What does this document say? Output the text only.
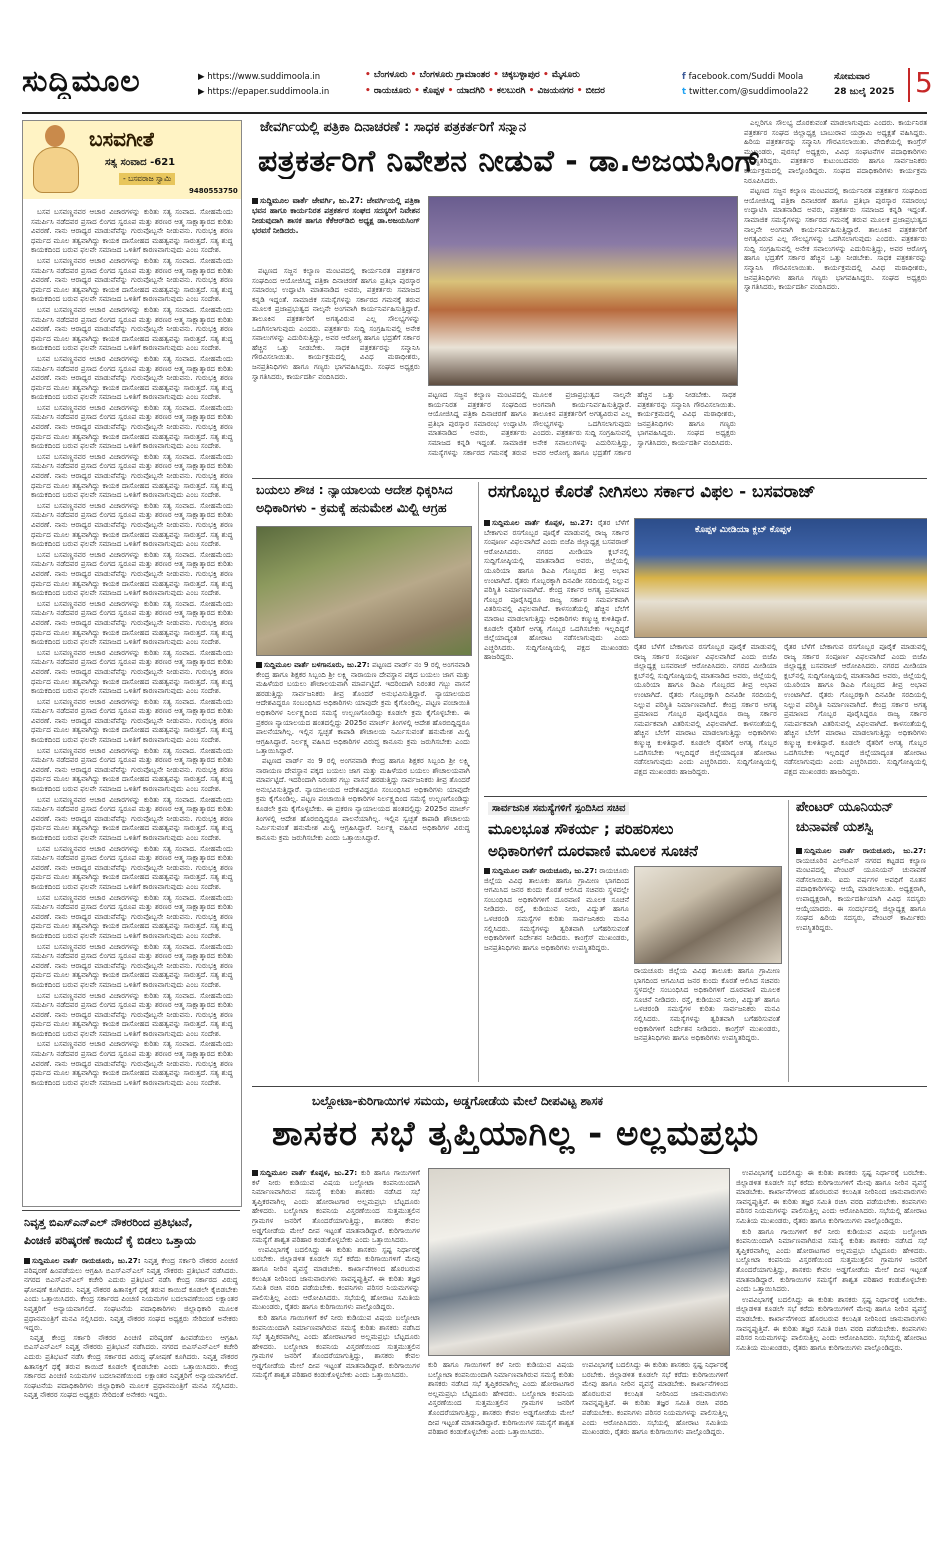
ಸುದ್ದಿಮೂಲ	▶ https://www.suddimoola.in
▶ https://epaper.suddimoola.in
• ಬೆಂಗಳೂರು • ಬೆಂಗಳೂರು ಗ್ರಾಮಾಂತರ • ಚಿಕ್ಕಬಳ್ಳಾಪುರ • ಮೈಸೂರು
• ರಾಯಚೂರು • ಕೊಪ್ಪಳ • ಯಾದಗಿರಿ • ಕಲಬುರಗಿ • ವಿಜಯನಗರ • ಬೀದರ
f facebook.com/Suddi Moola
t twitter.com/@suddimoola22
ಸೋಮವಾರ
28 ಜುಲೈ 2025 5
ಬಸವಗೀತೆ
ಸತ್ಯ ಸಂವಾದ -621
- ಬಸವರಾಜ ಸ್ವಾಮಿ
9480553750

ಬಸವ ಬಸವಣ್ಣನವರ ಆಚಾರ ವಿಚಾರಗಳನ್ನು ಕುರಿತು ಸತ್ಯ ಸಂವಾದ. ಸೋಹಮೆಂದು ಸಮರ್ಪಿಸಿ ನಡೆದವರ ಪ್ರಸಾದ ಲಿಂಗದ ಸ್ವರೂಪ ಮತ್ತು ಶರಣರ ಆತ್ಮ ಸಾಕ್ಷಾತ್ಕಾರದ ಕುರಿತು ವಿವರಣೆ. ನಾನು ಆರಾಧ್ಯರ ಮಾಡುವೆವೆನ್ನು ಗುರುವೊಬ್ಬನೇ ನೀಡುವನು. ಗುರುಭಕ್ತಿ ಶರಣ ಧರ್ಮದ ಮೂಲ ತತ್ವವಾಗಿದ್ದು ಕಾಯಕ ದಾಸೋಹದ ಮಹತ್ವವನ್ನು ಸಾರುತ್ತದೆ. ಸತ್ಯ ಶುದ್ಧ ಕಾಯಕದಿಂದ ಬರುವ ಫಲವೇ ಸಮಾಜದ ಒಳಿತಿಗೆ ಕಾರಣವಾಗುವುದು ಎಂಬ ಸಂದೇಶ.

ಬಸವ ಬಸವಣ್ಣನವರ ಆಚಾರ ವಿಚಾರಗಳನ್ನು ಕುರಿತು ಸತ್ಯ ಸಂವಾದ. ಸೋಹಮೆಂದು ಸಮರ್ಪಿಸಿ ನಡೆದವರ ಪ್ರಸಾದ ಲಿಂಗದ ಸ್ವರೂಪ ಮತ್ತು ಶರಣರ ಆತ್ಮ ಸಾಕ್ಷಾತ್ಕಾರದ ಕುರಿತು ವಿವರಣೆ. ನಾನು ಆರಾಧ್ಯರ ಮಾಡುವೆವೆನ್ನು ಗುರುವೊಬ್ಬನೇ ನೀಡುವನು. ಗುರುಭಕ್ತಿ ಶರಣ ಧರ್ಮದ ಮೂಲ ತತ್ವವಾಗಿದ್ದು ಕಾಯಕ ದಾಸೋಹದ ಮಹತ್ವವನ್ನು ಸಾರುತ್ತದೆ. ಸತ್ಯ ಶುದ್ಧ ಕಾಯಕದಿಂದ ಬರುವ ಫಲವೇ ಸಮಾಜದ ಒಳಿತಿಗೆ ಕಾರಣವಾಗುವುದು ಎಂಬ ಸಂದೇಶ.

ಬಸವ ಬಸವಣ್ಣನವರ ಆಚಾರ ವಿಚಾರಗಳನ್ನು ಕುರಿತು ಸತ್ಯ ಸಂವಾದ. ಸೋಹಮೆಂದು ಸಮರ್ಪಿಸಿ ನಡೆದವರ ಪ್ರಸಾದ ಲಿಂಗದ ಸ್ವರೂಪ ಮತ್ತು ಶರಣರ ಆತ್ಮ ಸಾಕ್ಷಾತ್ಕಾರದ ಕುರಿತು ವಿವರಣೆ. ನಾನು ಆರಾಧ್ಯರ ಮಾಡುವೆವೆನ್ನು ಗುರುವೊಬ್ಬನೇ ನೀಡುವನು. ಗುರುಭಕ್ತಿ ಶರಣ ಧರ್ಮದ ಮೂಲ ತತ್ವವಾಗಿದ್ದು ಕಾಯಕ ದಾಸೋಹದ ಮಹತ್ವವನ್ನು ಸಾರುತ್ತದೆ. ಸತ್ಯ ಶುದ್ಧ ಕಾಯಕದಿಂದ ಬರುವ ಫಲವೇ ಸಮಾಜದ ಒಳಿತಿಗೆ ಕಾರಣವಾಗುವುದು ಎಂಬ ಸಂದೇಶ.

ಬಸವ ಬಸವಣ್ಣನವರ ಆಚಾರ ವಿಚಾರಗಳನ್ನು ಕುರಿತು ಸತ್ಯ ಸಂವಾದ. ಸೋಹಮೆಂದು ಸಮರ್ಪಿಸಿ ನಡೆದವರ ಪ್ರಸಾದ ಲಿಂಗದ ಸ್ವರೂಪ ಮತ್ತು ಶರಣರ ಆತ್ಮ ಸಾಕ್ಷಾತ್ಕಾರದ ಕುರಿತು ವಿವರಣೆ. ನಾನು ಆರಾಧ್ಯರ ಮಾಡುವೆವೆನ್ನು ಗುರುವೊಬ್ಬನೇ ನೀಡುವನು. ಗುರುಭಕ್ತಿ ಶರಣ ಧರ್ಮದ ಮೂಲ ತತ್ವವಾಗಿದ್ದು ಕಾಯಕ ದಾಸೋಹದ ಮಹತ್ವವನ್ನು ಸಾರುತ್ತದೆ. ಸತ್ಯ ಶುದ್ಧ ಕಾಯಕದಿಂದ ಬರುವ ಫಲವೇ ಸಮಾಜದ ಒಳಿತಿಗೆ ಕಾರಣವಾಗುವುದು ಎಂಬ ಸಂದೇಶ.

ಬಸವ ಬಸವಣ್ಣನವರ ಆಚಾರ ವಿಚಾರಗಳನ್ನು ಕುರಿತು ಸತ್ಯ ಸಂವಾದ. ಸೋಹಮೆಂದು ಸಮರ್ಪಿಸಿ ನಡೆದವರ ಪ್ರಸಾದ ಲಿಂಗದ ಸ್ವರೂಪ ಮತ್ತು ಶರಣರ ಆತ್ಮ ಸಾಕ್ಷಾತ್ಕಾರದ ಕುರಿತು ವಿವರಣೆ. ನಾನು ಆರಾಧ್ಯರ ಮಾಡುವೆವೆನ್ನು ಗುರುವೊಬ್ಬನೇ ನೀಡುವನು. ಗುರುಭಕ್ತಿ ಶರಣ ಧರ್ಮದ ಮೂಲ ತತ್ವವಾಗಿದ್ದು ಕಾಯಕ ದಾಸೋಹದ ಮಹತ್ವವನ್ನು ಸಾರುತ್ತದೆ. ಸತ್ಯ ಶುದ್ಧ ಕಾಯಕದಿಂದ ಬರುವ ಫಲವೇ ಸಮಾಜದ ಒಳಿತಿಗೆ ಕಾರಣವಾಗುವುದು ಎಂಬ ಸಂದೇಶ.

ಬಸವ ಬಸವಣ್ಣನವರ ಆಚಾರ ವಿಚಾರಗಳನ್ನು ಕುರಿತು ಸತ್ಯ ಸಂವಾದ. ಸೋಹಮೆಂದು ಸಮರ್ಪಿಸಿ ನಡೆದವರ ಪ್ರಸಾದ ಲಿಂಗದ ಸ್ವರೂಪ ಮತ್ತು ಶರಣರ ಆತ್ಮ ಸಾಕ್ಷಾತ್ಕಾರದ ಕುರಿತು ವಿವರಣೆ. ನಾನು ಆರಾಧ್ಯರ ಮಾಡುವೆವೆನ್ನು ಗುರುವೊಬ್ಬನೇ ನೀಡುವನು. ಗುರುಭಕ್ತಿ ಶರಣ ಧರ್ಮದ ಮೂಲ ತತ್ವವಾಗಿದ್ದು ಕಾಯಕ ದಾಸೋಹದ ಮಹತ್ವವನ್ನು ಸಾರುತ್ತದೆ. ಸತ್ಯ ಶುದ್ಧ ಕಾಯಕದಿಂದ ಬರುವ ಫಲವೇ ಸಮಾಜದ ಒಳಿತಿಗೆ ಕಾರಣವಾಗುವುದು ಎಂಬ ಸಂದೇಶ.

ಬಸವ ಬಸವಣ್ಣನವರ ಆಚಾರ ವಿಚಾರಗಳನ್ನು ಕುರಿತು ಸತ್ಯ ಸಂವಾದ. ಸೋಹಮೆಂದು ಸಮರ್ಪಿಸಿ ನಡೆದವರ ಪ್ರಸಾದ ಲಿಂಗದ ಸ್ವರೂಪ ಮತ್ತು ಶರಣರ ಆತ್ಮ ಸಾಕ್ಷಾತ್ಕಾರದ ಕುರಿತು ವಿವರಣೆ. ನಾನು ಆರಾಧ್ಯರ ಮಾಡುವೆವೆನ್ನು ಗುರುವೊಬ್ಬನೇ ನೀಡುವನು. ಗುರುಭಕ್ತಿ ಶರಣ ಧರ್ಮದ ಮೂಲ ತತ್ವವಾಗಿದ್ದು ಕಾಯಕ ದಾಸೋಹದ ಮಹತ್ವವನ್ನು ಸಾರುತ್ತದೆ. ಸತ್ಯ ಶುದ್ಧ ಕಾಯಕದಿಂದ ಬರುವ ಫಲವೇ ಸಮಾಜದ ಒಳಿತಿಗೆ ಕಾರಣವಾಗುವುದು ಎಂಬ ಸಂದೇಶ.

ಬಸವ ಬಸವಣ್ಣನವರ ಆಚಾರ ವಿಚಾರಗಳನ್ನು ಕುರಿತು ಸತ್ಯ ಸಂವಾದ. ಸೋಹಮೆಂದು ಸಮರ್ಪಿಸಿ ನಡೆದವರ ಪ್ರಸಾದ ಲಿಂಗದ ಸ್ವರೂಪ ಮತ್ತು ಶರಣರ ಆತ್ಮ ಸಾಕ್ಷಾತ್ಕಾರದ ಕುರಿತು ವಿವರಣೆ. ನಾನು ಆರಾಧ್ಯರ ಮಾಡುವೆವೆನ್ನು ಗುರುವೊಬ್ಬನೇ ನೀಡುವನು. ಗುರುಭಕ್ತಿ ಶರಣ ಧರ್ಮದ ಮೂಲ ತತ್ವವಾಗಿದ್ದು ಕಾಯಕ ದಾಸೋಹದ ಮಹತ್ವವನ್ನು ಸಾರುತ್ತದೆ. ಸತ್ಯ ಶುದ್ಧ ಕಾಯಕದಿಂದ ಬರುವ ಫಲವೇ ಸಮಾಜದ ಒಳಿತಿಗೆ ಕಾರಣವಾಗುವುದು ಎಂಬ ಸಂದೇಶ.

ಬಸವ ಬಸವಣ್ಣನವರ ಆಚಾರ ವಿಚಾರಗಳನ್ನು ಕುರಿತು ಸತ್ಯ ಸಂವಾದ. ಸೋಹಮೆಂದು ಸಮರ್ಪಿಸಿ ನಡೆದವರ ಪ್ರಸಾದ ಲಿಂಗದ ಸ್ವರೂಪ ಮತ್ತು ಶರಣರ ಆತ್ಮ ಸಾಕ್ಷಾತ್ಕಾರದ ಕುರಿತು ವಿವರಣೆ. ನಾನು ಆರಾಧ್ಯರ ಮಾಡುವೆವೆನ್ನು ಗುರುವೊಬ್ಬನೇ ನೀಡುವನು. ಗುರುಭಕ್ತಿ ಶರಣ ಧರ್ಮದ ಮೂಲ ತತ್ವವಾಗಿದ್ದು ಕಾಯಕ ದಾಸೋಹದ ಮಹತ್ವವನ್ನು ಸಾರುತ್ತದೆ. ಸತ್ಯ ಶುದ್ಧ ಕಾಯಕದಿಂದ ಬರುವ ಫಲವೇ ಸಮಾಜದ ಒಳಿತಿಗೆ ಕಾರಣವಾಗುವುದು ಎಂಬ ಸಂದೇಶ.

ಬಸವ ಬಸವಣ್ಣನವರ ಆಚಾರ ವಿಚಾರಗಳನ್ನು ಕುರಿತು ಸತ್ಯ ಸಂವಾದ. ಸೋಹಮೆಂದು ಸಮರ್ಪಿಸಿ ನಡೆದವರ ಪ್ರಸಾದ ಲಿಂಗದ ಸ್ವರೂಪ ಮತ್ತು ಶರಣರ ಆತ್ಮ ಸಾಕ್ಷಾತ್ಕಾರದ ಕುರಿತು ವಿವರಣೆ. ನಾನು ಆರಾಧ್ಯರ ಮಾಡುವೆವೆನ್ನು ಗುರುವೊಬ್ಬನೇ ನೀಡುವನು. ಗುರುಭಕ್ತಿ ಶರಣ ಧರ್ಮದ ಮೂಲ ತತ್ವವಾಗಿದ್ದು ಕಾಯಕ ದಾಸೋಹದ ಮಹತ್ವವನ್ನು ಸಾರುತ್ತದೆ. ಸತ್ಯ ಶುದ್ಧ ಕಾಯಕದಿಂದ ಬರುವ ಫಲವೇ ಸಮಾಜದ ಒಳಿತಿಗೆ ಕಾರಣವಾಗುವುದು ಎಂಬ ಸಂದೇಶ.

ಬಸವ ಬಸವಣ್ಣನವರ ಆಚಾರ ವಿಚಾರಗಳನ್ನು ಕುರಿತು ಸತ್ಯ ಸಂವಾದ. ಸೋಹಮೆಂದು ಸಮರ್ಪಿಸಿ ನಡೆದವರ ಪ್ರಸಾದ ಲಿಂಗದ ಸ್ವರೂಪ ಮತ್ತು ಶರಣರ ಆತ್ಮ ಸಾಕ್ಷಾತ್ಕಾರದ ಕುರಿತು ವಿವರಣೆ. ನಾನು ಆರಾಧ್ಯರ ಮಾಡುವೆವೆನ್ನು ಗುರುವೊಬ್ಬನೇ ನೀಡುವನು. ಗುರುಭಕ್ತಿ ಶರಣ ಧರ್ಮದ ಮೂಲ ತತ್ವವಾಗಿದ್ದು ಕಾಯಕ ದಾಸೋಹದ ಮಹತ್ವವನ್ನು ಸಾರುತ್ತದೆ. ಸತ್ಯ ಶುದ್ಧ ಕಾಯಕದಿಂದ ಬರುವ ಫಲವೇ ಸಮಾಜದ ಒಳಿತಿಗೆ ಕಾರಣವಾಗುವುದು ಎಂಬ ಸಂದೇಶ.

ಬಸವ ಬಸವಣ್ಣನವರ ಆಚಾರ ವಿಚಾರಗಳನ್ನು ಕುರಿತು ಸತ್ಯ ಸಂವಾದ. ಸೋಹಮೆಂದು ಸಮರ್ಪಿಸಿ ನಡೆದವರ ಪ್ರಸಾದ ಲಿಂಗದ ಸ್ವರೂಪ ಮತ್ತು ಶರಣರ ಆತ್ಮ ಸಾಕ್ಷಾತ್ಕಾರದ ಕುರಿತು ವಿವರಣೆ. ನಾನು ಆರಾಧ್ಯರ ಮಾಡುವೆವೆನ್ನು ಗುರುವೊಬ್ಬನೇ ನೀಡುವನು. ಗುರುಭಕ್ತಿ ಶರಣ ಧರ್ಮದ ಮೂಲ ತತ್ವವಾಗಿದ್ದು ಕಾಯಕ ದಾಸೋಹದ ಮಹತ್ವವನ್ನು ಸಾರುತ್ತದೆ. ಸತ್ಯ ಶುದ್ಧ ಕಾಯಕದಿಂದ ಬರುವ ಫಲವೇ ಸಮಾಜದ ಒಳಿತಿಗೆ ಕಾರಣವಾಗುವುದು ಎಂಬ ಸಂದೇಶ.

ಬಸವ ಬಸವಣ್ಣನವರ ಆಚಾರ ವಿಚಾರಗಳನ್ನು ಕುರಿತು ಸತ್ಯ ಸಂವಾದ. ಸೋಹಮೆಂದು ಸಮರ್ಪಿಸಿ ನಡೆದವರ ಪ್ರಸಾದ ಲಿಂಗದ ಸ್ವರೂಪ ಮತ್ತು ಶರಣರ ಆತ್ಮ ಸಾಕ್ಷಾತ್ಕಾರದ ಕುರಿತು ವಿವರಣೆ. ನಾನು ಆರಾಧ್ಯರ ಮಾಡುವೆವೆನ್ನು ಗುರುವೊಬ್ಬನೇ ನೀಡುವನು. ಗುರುಭಕ್ತಿ ಶರಣ ಧರ್ಮದ ಮೂಲ ತತ್ವವಾಗಿದ್ದು ಕಾಯಕ ದಾಸೋಹದ ಮಹತ್ವವನ್ನು ಸಾರುತ್ತದೆ. ಸತ್ಯ ಶುದ್ಧ ಕಾಯಕದಿಂದ ಬರುವ ಫಲವೇ ಸಮಾಜದ ಒಳಿತಿಗೆ ಕಾರಣವಾಗುವುದು ಎಂಬ ಸಂದೇಶ.

ಬಸವ ಬಸವಣ್ಣನವರ ಆಚಾರ ವಿಚಾರಗಳನ್ನು ಕುರಿತು ಸತ್ಯ ಸಂವಾದ. ಸೋಹಮೆಂದು ಸಮರ್ಪಿಸಿ ನಡೆದವರ ಪ್ರಸಾದ ಲಿಂಗದ ಸ್ವರೂಪ ಮತ್ತು ಶರಣರ ಆತ್ಮ ಸಾಕ್ಷಾತ್ಕಾರದ ಕುರಿತು ವಿವರಣೆ. ನಾನು ಆರಾಧ್ಯರ ಮಾಡುವೆವೆನ್ನು ಗುರುವೊಬ್ಬನೇ ನೀಡುವನು. ಗುರುಭಕ್ತಿ ಶರಣ ಧರ್ಮದ ಮೂಲ ತತ್ವವಾಗಿದ್ದು ಕಾಯಕ ದಾಸೋಹದ ಮಹತ್ವವನ್ನು ಸಾರುತ್ತದೆ. ಸತ್ಯ ಶುದ್ಧ ಕಾಯಕದಿಂದ ಬರುವ ಫಲವೇ ಸಮಾಜದ ಒಳಿತಿಗೆ ಕಾರಣವಾಗುವುದು ಎಂಬ ಸಂದೇಶ.

ಬಸವ ಬಸವಣ್ಣನವರ ಆಚಾರ ವಿಚಾರಗಳನ್ನು ಕುರಿತು ಸತ್ಯ ಸಂವಾದ. ಸೋಹಮೆಂದು ಸಮರ್ಪಿಸಿ ನಡೆದವರ ಪ್ರಸಾದ ಲಿಂಗದ ಸ್ವರೂಪ ಮತ್ತು ಶರಣರ ಆತ್ಮ ಸಾಕ್ಷಾತ್ಕಾರದ ಕುರಿತು ವಿವರಣೆ. ನಾನು ಆರಾಧ್ಯರ ಮಾಡುವೆವೆನ್ನು ಗುರುವೊಬ್ಬನೇ ನೀಡುವನು. ಗುರುಭಕ್ತಿ ಶರಣ ಧರ್ಮದ ಮೂಲ ತತ್ವವಾಗಿದ್ದು ಕಾಯಕ ದಾಸೋಹದ ಮಹತ್ವವನ್ನು ಸಾರುತ್ತದೆ. ಸತ್ಯ ಶುದ್ಧ ಕಾಯಕದಿಂದ ಬರುವ ಫಲವೇ ಸಮಾಜದ ಒಳಿತಿಗೆ ಕಾರಣವಾಗುವುದು ಎಂಬ ಸಂದೇಶ.

ಬಸವ ಬಸವಣ್ಣನವರ ಆಚಾರ ವಿಚಾರಗಳನ್ನು ಕುರಿತು ಸತ್ಯ ಸಂವಾದ. ಸೋಹಮೆಂದು ಸಮರ್ಪಿಸಿ ನಡೆದವರ ಪ್ರಸಾದ ಲಿಂಗದ ಸ್ವರೂಪ ಮತ್ತು ಶರಣರ ಆತ್ಮ ಸಾಕ್ಷಾತ್ಕಾರದ ಕುರಿತು ವಿವರಣೆ. ನಾನು ಆರಾಧ್ಯರ ಮಾಡುವೆವೆನ್ನು ಗುರುವೊಬ್ಬನೇ ನೀಡುವನು. ಗುರುಭಕ್ತಿ ಶರಣ ಧರ್ಮದ ಮೂಲ ತತ್ವವಾಗಿದ್ದು ಕಾಯಕ ದಾಸೋಹದ ಮಹತ್ವವನ್ನು ಸಾರುತ್ತದೆ. ಸತ್ಯ ಶುದ್ಧ ಕಾಯಕದಿಂದ ಬರುವ ಫಲವೇ ಸಮಾಜದ ಒಳಿತಿಗೆ ಕಾರಣವಾಗುವುದು ಎಂಬ ಸಂದೇಶ.

ಬಸವ ಬಸವಣ್ಣನವರ ಆಚಾರ ವಿಚಾರಗಳನ್ನು ಕುರಿತು ಸತ್ಯ ಸಂವಾದ. ಸೋಹಮೆಂದು ಸಮರ್ಪಿಸಿ ನಡೆದವರ ಪ್ರಸಾದ ಲಿಂಗದ ಸ್ವರೂಪ ಮತ್ತು ಶರಣರ ಆತ್ಮ ಸಾಕ್ಷಾತ್ಕಾರದ ಕುರಿತು ವಿವರಣೆ. ನಾನು ಆರಾಧ್ಯರ ಮಾಡುವೆವೆನ್ನು ಗುರುವೊಬ್ಬನೇ ನೀಡುವನು. ಗುರುಭಕ್ತಿ ಶರಣ ಧರ್ಮದ ಮೂಲ ತತ್ವವಾಗಿದ್ದು ಕಾಯಕ ದಾಸೋಹದ ಮಹತ್ವವನ್ನು ಸಾರುತ್ತದೆ. ಸತ್ಯ ಶುದ್ಧ ಕಾಯಕದಿಂದ ಬರುವ ಫಲವೇ ಸಮಾಜದ ಒಳಿತಿಗೆ ಕಾರಣವಾಗುವುದು ಎಂಬ ಸಂದೇಶ.

ಬಸವ ಬಸವಣ್ಣನವರ ಆಚಾರ ವಿಚಾರಗಳನ್ನು ಕುರಿತು ಸತ್ಯ ಸಂವಾದ. ಸೋಹಮೆಂದು ಸಮರ್ಪಿಸಿ ನಡೆದವರ ಪ್ರಸಾದ ಲಿಂಗದ ಸ್ವರೂಪ ಮತ್ತು ಶರಣರ ಆತ್ಮ ಸಾಕ್ಷಾತ್ಕಾರದ ಕುರಿತು ವಿವರಣೆ. ನಾನು ಆರಾಧ್ಯರ ಮಾಡುವೆವೆನ್ನು ಗುರುವೊಬ್ಬನೇ ನೀಡುವನು. ಗುರುಭಕ್ತಿ ಶರಣ ಧರ್ಮದ ಮೂಲ ತತ್ವವಾಗಿದ್ದು ಕಾಯಕ ದಾಸೋಹದ ಮಹತ್ವವನ್ನು ಸಾರುತ್ತದೆ. ಸತ್ಯ ಶುದ್ಧ ಕಾಯಕದಿಂದ ಬರುವ ಫಲವೇ ಸಮಾಜದ ಒಳಿತಿಗೆ ಕಾರಣವಾಗುವುದು ಎಂಬ ಸಂದೇಶ.

ಜೇವರ್ಗಿಯಲ್ಲಿ ಪತ್ರಿಕಾ ದಿನಾಚರಣೆ : ಸಾಧಕ ಪತ್ರಕರ್ತರಿಗೆ ಸನ್ಮಾನ
ಪತ್ರಕರ್ತರಿಗೆ ನಿವೇಶನ ನೀಡುವೆ - ಡಾ.ಅಜಯಸಿಂಗ್
ಸುದ್ದಿಮೂಲ ವಾರ್ತೆ ಜೇವರ್ಗಿ, ಜು.27: ಜೇವರ್ಗಿಯಲ್ಲಿ ಪತ್ರಿಕಾ ಭವನ ಹಾಗೂ ಕಾರ್ಯನಿರತ ಪತ್ರಕರ್ತರ ಸಂಘದ ಸದಸ್ಯರಿಗೆ ನಿವೇಶನ ನೀಡುವುದಾಗಿ ಶಾಸಕ ಹಾಗೂ ಕೆಕೆಆರ್‌ಡಿಬಿ ಅಧ್ಯಕ್ಷ ಡಾ.ಅಜಯಸಿಂಗ್ ಭರವಸೆ ನೀಡಿದರು.

ಪಟ್ಟಣದ ಸಜ್ಜನ ಕಲ್ಯಾಣ ಮಂಟಪದಲ್ಲಿ ಕಾರ್ಯನಿರತ ಪತ್ರಕರ್ತರ ಸಂಘದಿಂದ ಆಯೋಜಿಸಿದ್ದ ಪತ್ರಿಕಾ ದಿನಾಚರಣೆ ಹಾಗೂ ಪ್ರತಿಭಾ ಪುರಸ್ಕಾರ ಸಮಾರಂಭ ಉದ್ಘಾಟಿಸಿ ಮಾತನಾಡಿದ ಅವರು, ಪತ್ರಕರ್ತರು ಸಮಾಜದ ಕನ್ನಡಿ ಇದ್ದಂತೆ. ಸಾಮಾಜಿಕ ಸಮಸ್ಯೆಗಳನ್ನು ಸರ್ಕಾರದ ಗಮನಕ್ಕೆ ತರುವ ಮೂಲಕ ಪ್ರಜಾಪ್ರಭುತ್ವದ ನಾಲ್ಕನೇ ಅಂಗವಾಗಿ ಕಾರ್ಯನಿರ್ವಹಿಸುತ್ತಿದ್ದಾರೆ. ತಾಲೂಕಿನ ಪತ್ರಕರ್ತರಿಗೆ ಅಗತ್ಯವಿರುವ ಎಲ್ಲ ಸೌಲಭ್ಯಗಳನ್ನು ಒದಗಿಸಲಾಗುವುದು ಎಂದರು. ಪತ್ರಕರ್ತರು ಸುದ್ದಿ ಸಂಗ್ರಹಿಸುವಲ್ಲಿ ಅನೇಕ ಸವಾಲುಗಳನ್ನು ಎದುರಿಸುತ್ತಿದ್ದು, ಅವರ ಆರೋಗ್ಯ ಹಾಗೂ ಭದ್ರತೆಗೆ ಸರ್ಕಾರ ಹೆಚ್ಚಿನ ಒತ್ತು ನೀಡಬೇಕು. ಸಾಧಕ ಪತ್ರಕರ್ತರನ್ನು ಸನ್ಮಾನಿಸಿ ಗೌರವಿಸಲಾಯಿತು. ಕಾರ್ಯಕ್ರಮದಲ್ಲಿ ವಿವಿಧ ಮಠಾಧೀಶರು, ಜನಪ್ರತಿನಿಧಿಗಳು ಹಾಗೂ ಗಣ್ಯರು ಭಾಗವಹಿಸಿದ್ದರು. ಸಂಘದ ಅಧ್ಯಕ್ಷರು ಸ್ವಾಗತಿಸಿದರು, ಕಾರ್ಯದರ್ಶಿ ವಂದಿಸಿದರು.

ಪಟ್ಟಣದ ಸಜ್ಜನ ಕಲ್ಯಾಣ ಮಂಟಪದಲ್ಲಿ ಕಾರ್ಯನಿರತ ಪತ್ರಕರ್ತರ ಸಂಘದಿಂದ ಆಯೋಜಿಸಿದ್ದ ಪತ್ರಿಕಾ ದಿನಾಚರಣೆ ಹಾಗೂ ಪ್ರತಿಭಾ ಪುರಸ್ಕಾರ ಸಮಾರಂಭ ಉದ್ಘಾಟಿಸಿ ಮಾತನಾಡಿದ ಅವರು, ಪತ್ರಕರ್ತರು ಸಮಾಜದ ಕನ್ನಡಿ ಇದ್ದಂತೆ. ಸಾಮಾಜಿಕ ಸಮಸ್ಯೆಗಳನ್ನು ಸರ್ಕಾರದ ಗಮನಕ್ಕೆ ತರುವ ಮೂಲಕ ಪ್ರಜಾಪ್ರಭುತ್ವದ ನಾಲ್ಕನೇ ಅಂಗವಾಗಿ ಕಾರ್ಯನಿರ್ವಹಿಸುತ್ತಿದ್ದಾರೆ. ತಾಲೂಕಿನ ಪತ್ರಕರ್ತರಿಗೆ ಅಗತ್ಯವಿರುವ ಎಲ್ಲ ಸೌಲಭ್ಯಗಳನ್ನು ಒದಗಿಸಲಾಗುವುದು ಎಂದರು. ಪತ್ರಕರ್ತರು ಸುದ್ದಿ ಸಂಗ್ರಹಿಸುವಲ್ಲಿ ಅನೇಕ ಸವಾಲುಗಳನ್ನು ಎದುರಿಸುತ್ತಿದ್ದು, ಅವರ ಆರೋಗ್ಯ ಹಾಗೂ ಭದ್ರತೆಗೆ ಸರ್ಕಾರ ಹೆಚ್ಚಿನ ಒತ್ತು ನೀಡಬೇಕು. ಸಾಧಕ ಪತ್ರಕರ್ತರನ್ನು ಸನ್ಮಾನಿಸಿ ಗೌರವಿಸಲಾಯಿತು. ಕಾರ್ಯಕ್ರಮದಲ್ಲಿ ವಿವಿಧ ಮಠಾಧೀಶರು, ಜನಪ್ರತಿನಿಧಿಗಳು ಹಾಗೂ ಗಣ್ಯರು ಭಾಗವಹಿಸಿದ್ದರು. ಸಂಘದ ಅಧ್ಯಕ್ಷರು ಸ್ವಾಗತಿಸಿದರು, ಕಾರ್ಯದರ್ಶಿ ವಂದಿಸಿದರು.

ಎಲ್ಲರಿಗೂ ಸೌಲಭ್ಯ ದೊರಕುವಂತೆ ಮಾಡಲಾಗುವುದು ಎಂದರು. ಕಾರ್ಯನಿರತ ಪತ್ರಕರ್ತರ ಸಂಘದ ಜಿಲ್ಲಾಧ್ಯಕ್ಷ ಬಾಬುರಾವ ಯಡ್ರಾಮಿ ಅಧ್ಯಕ್ಷತೆ ವಹಿಸಿದ್ದರು. ಹಿರಿಯ ಪತ್ರಕರ್ತರನ್ನು ಸನ್ಮಾನಿಸಿ ಗೌರವಿಸಲಾಯಿತು. ವೇದಿಕೆಯಲ್ಲಿ ಕಾಂಗ್ರೆಸ್ ಮುಖಂಡರು, ಪುರಸಭೆ ಅಧ್ಯಕ್ಷರು, ವಿವಿಧ ಸಂಘಟನೆಗಳ ಪದಾಧಿಕಾರಿಗಳು ಉಪಸ್ಥಿತರಿದ್ದರು. ಪತ್ರಕರ್ತರ ಕುಟುಂಬದವರು ಹಾಗೂ ಸಾರ್ವಜನಿಕರು ಕಾರ್ಯಕ್ರಮದಲ್ಲಿ ಪಾಲ್ಗೊಂಡಿದ್ದರು. ಸಂಘದ ಪದಾಧಿಕಾರಿಗಳು ಕಾರ್ಯಕ್ರಮ ನಿರೂಪಿಸಿದರು.

ಪಟ್ಟಣದ ಸಜ್ಜನ ಕಲ್ಯಾಣ ಮಂಟಪದಲ್ಲಿ ಕಾರ್ಯನಿರತ ಪತ್ರಕರ್ತರ ಸಂಘದಿಂದ ಆಯೋಜಿಸಿದ್ದ ಪತ್ರಿಕಾ ದಿನಾಚರಣೆ ಹಾಗೂ ಪ್ರತಿಭಾ ಪುರಸ್ಕಾರ ಸಮಾರಂಭ ಉದ್ಘಾಟಿಸಿ ಮಾತನಾಡಿದ ಅವರು, ಪತ್ರಕರ್ತರು ಸಮಾಜದ ಕನ್ನಡಿ ಇದ್ದಂತೆ. ಸಾಮಾಜಿಕ ಸಮಸ್ಯೆಗಳನ್ನು ಸರ್ಕಾರದ ಗಮನಕ್ಕೆ ತರುವ ಮೂಲಕ ಪ್ರಜಾಪ್ರಭುತ್ವದ ನಾಲ್ಕನೇ ಅಂಗವಾಗಿ ಕಾರ್ಯನಿರ್ವಹಿಸುತ್ತಿದ್ದಾರೆ. ತಾಲೂಕಿನ ಪತ್ರಕರ್ತರಿಗೆ ಅಗತ್ಯವಿರುವ ಎಲ್ಲ ಸೌಲಭ್ಯಗಳನ್ನು ಒದಗಿಸಲಾಗುವುದು ಎಂದರು. ಪತ್ರಕರ್ತರು ಸುದ್ದಿ ಸಂಗ್ರಹಿಸುವಲ್ಲಿ ಅನೇಕ ಸವಾಲುಗಳನ್ನು ಎದುರಿಸುತ್ತಿದ್ದು, ಅವರ ಆರೋಗ್ಯ ಹಾಗೂ ಭದ್ರತೆಗೆ ಸರ್ಕಾರ ಹೆಚ್ಚಿನ ಒತ್ತು ನೀಡಬೇಕು. ಸಾಧಕ ಪತ್ರಕರ್ತರನ್ನು ಸನ್ಮಾನಿಸಿ ಗೌರವಿಸಲಾಯಿತು. ಕಾರ್ಯಕ್ರಮದಲ್ಲಿ ವಿವಿಧ ಮಠಾಧೀಶರು, ಜನಪ್ರತಿನಿಧಿಗಳು ಹಾಗೂ ಗಣ್ಯರು ಭಾಗವಹಿಸಿದ್ದರು. ಸಂಘದ ಅಧ್ಯಕ್ಷರು ಸ್ವಾಗತಿಸಿದರು, ಕಾರ್ಯದರ್ಶಿ ವಂದಿಸಿದರು.

ಬಯಲು ಶೌಚ : ನ್ಯಾಯಾಲಯ ಆದೇಶ ಧಿಕ್ಕರಿಸಿದ
ಅಧಿಕಾರಿಗಳು - ಕ್ರಮಕ್ಕೆ ಹನುಮೇಶ ಮಿಲ್ಟ್ರಿ ಆಗ್ರಹ
ಸುದ್ದಿಮೂಲ ವಾರ್ತೆ ಬಳಗಾನೂರು, ಜು.27: ಪಟ್ಟಣದ ವಾರ್ಡ್ ನಂ 9 ರಲ್ಲಿ ಅಂಗನವಾಡಿ ಕೇಂದ್ರ ಹಾಗೂ ಶಿಕ್ಷಕರ ಸಿಬ್ಬಂದಿ ಶ್ರೀ ಲಕ್ಷ್ಮಿ ನಾರಾಯಣ ದೇವಸ್ಥಾನ ಪಕ್ಕದ ಬಯಲು ಜಾಗ ಮತ್ತು ಮಹಿಳೆಯರ ಬಯಲು ಶೌಚಾಲಯವಾಗಿ ಮಾರ್ಪಟ್ಟಿದೆ. ಇದರಿಂದಾಗಿ ನಿರಂತರ ಗಬ್ಬು ವಾಸನೆ ಹರಡುತ್ತಿದ್ದು ಸಾರ್ವಜನಿಕರು ತೀವ್ರ ತೊಂದರೆ ಅನುಭವಿಸುತ್ತಿದ್ದಾರೆ. ನ್ಯಾಯಾಲಯದ ಆದೇಶವಿದ್ದರೂ ಸಂಬಂಧಿಸಿದ ಅಧಿಕಾರಿಗಳು ಯಾವುದೇ ಕ್ರಮ ಕೈಗೊಂಡಿಲ್ಲ. ಪಟ್ಟಣ ಪಂಚಾಯಿತಿ ಅಧಿಕಾರಿಗಳ ನಿರ್ಲಕ್ಷ್ಯದಿಂದ ಸಮಸ್ಯೆ ಉಲ್ಬಣಗೊಂಡಿದ್ದು ಕೂಡಲೇ ಕ್ರಮ ಕೈಗೊಳ್ಳಬೇಕು. ಈ ಪ್ರಕರಣ ನ್ಯಾಯಾಲಯದ ಹಂತದಲ್ಲಿದ್ದು 2025ರ ಮಾರ್ಚ್ ತಿಂಗಳಲ್ಲಿ ಆದೇಶ ಹೊರಬಿದ್ದಿದ್ದರೂ ಪಾಲನೆಯಾಗಿಲ್ಲ. ಇಲ್ಲಿನ ಸ್ವಚ್ಛತೆ ಕಾಪಾಡಿ ಶೌಚಾಲಯ ನಿರ್ಮಿಸುವಂತೆ ಹನುಮೇಶ ಮಿಲ್ಟ್ರಿ ಆಗ್ರಹಿಸಿದ್ದಾರೆ. ನಿರ್ಲಕ್ಷ್ಯ ವಹಿಸಿದ ಅಧಿಕಾರಿಗಳ ವಿರುದ್ಧ ಕಾನೂನು ಕ್ರಮ ಜರುಗಿಸಬೇಕು ಎಂದು ಒತ್ತಾಯಿಸಿದ್ದಾರೆ.

ಪಟ್ಟಣದ ವಾರ್ಡ್ ನಂ 9 ರಲ್ಲಿ ಅಂಗನವಾಡಿ ಕೇಂದ್ರ ಹಾಗೂ ಶಿಕ್ಷಕರ ಸಿಬ್ಬಂದಿ ಶ್ರೀ ಲಕ್ಷ್ಮಿ ನಾರಾಯಣ ದೇವಸ್ಥಾನ ಪಕ್ಕದ ಬಯಲು ಜಾಗ ಮತ್ತು ಮಹಿಳೆಯರ ಬಯಲು ಶೌಚಾಲಯವಾಗಿ ಮಾರ್ಪಟ್ಟಿದೆ. ಇದರಿಂದಾಗಿ ನಿರಂತರ ಗಬ್ಬು ವಾಸನೆ ಹರಡುತ್ತಿದ್ದು ಸಾರ್ವಜನಿಕರು ತೀವ್ರ ತೊಂದರೆ ಅನುಭವಿಸುತ್ತಿದ್ದಾರೆ. ನ್ಯಾಯಾಲಯದ ಆದೇಶವಿದ್ದರೂ ಸಂಬಂಧಿಸಿದ ಅಧಿಕಾರಿಗಳು ಯಾವುದೇ ಕ್ರಮ ಕೈಗೊಂಡಿಲ್ಲ. ಪಟ್ಟಣ ಪಂಚಾಯಿತಿ ಅಧಿಕಾರಿಗಳ ನಿರ್ಲಕ್ಷ್ಯದಿಂದ ಸಮಸ್ಯೆ ಉಲ್ಬಣಗೊಂಡಿದ್ದು ಕೂಡಲೇ ಕ್ರಮ ಕೈಗೊಳ್ಳಬೇಕು. ಈ ಪ್ರಕರಣ ನ್ಯಾಯಾಲಯದ ಹಂತದಲ್ಲಿದ್ದು 2025ರ ಮಾರ್ಚ್ ತಿಂಗಳಲ್ಲಿ ಆದೇಶ ಹೊರಬಿದ್ದಿದ್ದರೂ ಪಾಲನೆಯಾಗಿಲ್ಲ. ಇಲ್ಲಿನ ಸ್ವಚ್ಛತೆ ಕಾಪಾಡಿ ಶೌಚಾಲಯ ನಿರ್ಮಿಸುವಂತೆ ಹನುಮೇಶ ಮಿಲ್ಟ್ರಿ ಆಗ್ರಹಿಸಿದ್ದಾರೆ. ನಿರ್ಲಕ್ಷ್ಯ ವಹಿಸಿದ ಅಧಿಕಾರಿಗಳ ವಿರುದ್ಧ ಕಾನೂನು ಕ್ರಮ ಜರುಗಿಸಬೇಕು ಎಂದು ಒತ್ತಾಯಿಸಿದ್ದಾರೆ.

ರಸಗೊಬ್ಬರ ಕೊರತೆ ನೀಗಿಸಲು ಸರ್ಕಾರ ವಿಫಲ - ಬಸವರಾಜ್
ಸುದ್ದಿಮೂಲ ವಾರ್ತೆ ಕೊಪ್ಪಳ, ಜು.27: ರೈತರ ಬೆಳೆಗೆ ಬೇಕಾಗುವ ರಸಗೊಬ್ಬರ ಪೂರೈಕೆ ಮಾಡುವಲ್ಲಿ ರಾಜ್ಯ ಸರ್ಕಾರ ಸಂಪೂರ್ಣ ವಿಫಲವಾಗಿದೆ ಎಂದು ಬಿಜೆಪಿ ಜಿಲ್ಲಾಧ್ಯಕ್ಷ ಬಸವರಾಜ್ ಆರೋಪಿಸಿದರು. ನಗರದ ಮೀಡಿಯಾ ಕ್ಲಬ್‌ನಲ್ಲಿ ಸುದ್ದಿಗೋಷ್ಠಿಯಲ್ಲಿ ಮಾತನಾಡಿದ ಅವರು, ಜಿಲ್ಲೆಯಲ್ಲಿ ಯೂರಿಯಾ ಹಾಗೂ ಡಿಎಪಿ ಗೊಬ್ಬರದ ತೀವ್ರ ಅಭಾವ ಉಂಟಾಗಿದೆ. ರೈತರು ಗೊಬ್ಬರಕ್ಕಾಗಿ ದಿನವಿಡೀ ಸರದಿಯಲ್ಲಿ ನಿಲ್ಲುವ ಪರಿಸ್ಥಿತಿ ನಿರ್ಮಾಣವಾಗಿದೆ. ಕೇಂದ್ರ ಸರ್ಕಾರ ಅಗತ್ಯ ಪ್ರಮಾಣದ ಗೊಬ್ಬರ ಪೂರೈಸಿದ್ದರೂ ರಾಜ್ಯ ಸರ್ಕಾರ ಸಮರ್ಪಕವಾಗಿ ವಿತರಿಸುವಲ್ಲಿ ವಿಫಲವಾಗಿದೆ. ಕಾಳಸಂತೆಯಲ್ಲಿ ಹೆಚ್ಚಿನ ಬೆಲೆಗೆ ಮಾರಾಟ ಮಾಡಲಾಗುತ್ತಿದ್ದು ಅಧಿಕಾರಿಗಳು ಕಣ್ಮುಚ್ಚಿ ಕುಳಿತಿದ್ದಾರೆ. ಕೂಡಲೇ ರೈತರಿಗೆ ಅಗತ್ಯ ಗೊಬ್ಬರ ಒದಗಿಸಬೇಕು ಇಲ್ಲದಿದ್ದರೆ ಜಿಲ್ಲೆಯಾದ್ಯಂತ ಹೋರಾಟ ನಡೆಸಲಾಗುವುದು ಎಂದು ಎಚ್ಚರಿಸಿದರು. ಸುದ್ದಿಗೋಷ್ಠಿಯಲ್ಲಿ ಪಕ್ಷದ ಮುಖಂಡರು ಹಾಜರಿದ್ದರು.
ಕೊಪ್ಪಳ ಮೀಡಿಯಾ ಕ್ಲಬ್ ಕೊಪ್ಪಳ
ರೈತರ ಬೆಳೆಗೆ ಬೇಕಾಗುವ ರಸಗೊಬ್ಬರ ಪೂರೈಕೆ ಮಾಡುವಲ್ಲಿ ರಾಜ್ಯ ಸರ್ಕಾರ ಸಂಪೂರ್ಣ ವಿಫಲವಾಗಿದೆ ಎಂದು ಬಿಜೆಪಿ ಜಿಲ್ಲಾಧ್ಯಕ್ಷ ಬಸವರಾಜ್ ಆರೋಪಿಸಿದರು. ನಗರದ ಮೀಡಿಯಾ ಕ್ಲಬ್‌ನಲ್ಲಿ ಸುದ್ದಿಗೋಷ್ಠಿಯಲ್ಲಿ ಮಾತನಾಡಿದ ಅವರು, ಜಿಲ್ಲೆಯಲ್ಲಿ ಯೂರಿಯಾ ಹಾಗೂ ಡಿಎಪಿ ಗೊಬ್ಬರದ ತೀವ್ರ ಅಭಾವ ಉಂಟಾಗಿದೆ. ರೈತರು ಗೊಬ್ಬರಕ್ಕಾಗಿ ದಿನವಿಡೀ ಸರದಿಯಲ್ಲಿ ನಿಲ್ಲುವ ಪರಿಸ್ಥಿತಿ ನಿರ್ಮಾಣವಾಗಿದೆ. ಕೇಂದ್ರ ಸರ್ಕಾರ ಅಗತ್ಯ ಪ್ರಮಾಣದ ಗೊಬ್ಬರ ಪೂರೈಸಿದ್ದರೂ ರಾಜ್ಯ ಸರ್ಕಾರ ಸಮರ್ಪಕವಾಗಿ ವಿತರಿಸುವಲ್ಲಿ ವಿಫಲವಾಗಿದೆ. ಕಾಳಸಂತೆಯಲ್ಲಿ ಹೆಚ್ಚಿನ ಬೆಲೆಗೆ ಮಾರಾಟ ಮಾಡಲಾಗುತ್ತಿದ್ದು ಅಧಿಕಾರಿಗಳು ಕಣ್ಮುಚ್ಚಿ ಕುಳಿತಿದ್ದಾರೆ. ಕೂಡಲೇ ರೈತರಿಗೆ ಅಗತ್ಯ ಗೊಬ್ಬರ ಒದಗಿಸಬೇಕು ಇಲ್ಲದಿದ್ದರೆ ಜಿಲ್ಲೆಯಾದ್ಯಂತ ಹೋರಾಟ ನಡೆಸಲಾಗುವುದು ಎಂದು ಎಚ್ಚರಿಸಿದರು. ಸುದ್ದಿಗೋಷ್ಠಿಯಲ್ಲಿ ಪಕ್ಷದ ಮುಖಂಡರು ಹಾಜರಿದ್ದರು.
ರೈತರ ಬೆಳೆಗೆ ಬೇಕಾಗುವ ರಸಗೊಬ್ಬರ ಪೂರೈಕೆ ಮಾಡುವಲ್ಲಿ ರಾಜ್ಯ ಸರ್ಕಾರ ಸಂಪೂರ್ಣ ವಿಫಲವಾಗಿದೆ ಎಂದು ಬಿಜೆಪಿ ಜಿಲ್ಲಾಧ್ಯಕ್ಷ ಬಸವರಾಜ್ ಆರೋಪಿಸಿದರು. ನಗರದ ಮೀಡಿಯಾ ಕ್ಲಬ್‌ನಲ್ಲಿ ಸುದ್ದಿಗೋಷ್ಠಿಯಲ್ಲಿ ಮಾತನಾಡಿದ ಅವರು, ಜಿಲ್ಲೆಯಲ್ಲಿ ಯೂರಿಯಾ ಹಾಗೂ ಡಿಎಪಿ ಗೊಬ್ಬರದ ತೀವ್ರ ಅಭಾವ ಉಂಟಾಗಿದೆ. ರೈತರು ಗೊಬ್ಬರಕ್ಕಾಗಿ ದಿನವಿಡೀ ಸರದಿಯಲ್ಲಿ ನಿಲ್ಲುವ ಪರಿಸ್ಥಿತಿ ನಿರ್ಮಾಣವಾಗಿದೆ. ಕೇಂದ್ರ ಸರ್ಕಾರ ಅಗತ್ಯ ಪ್ರಮಾಣದ ಗೊಬ್ಬರ ಪೂರೈಸಿದ್ದರೂ ರಾಜ್ಯ ಸರ್ಕಾರ ಸಮರ್ಪಕವಾಗಿ ವಿತರಿಸುವಲ್ಲಿ ವಿಫಲವಾಗಿದೆ. ಕಾಳಸಂತೆಯಲ್ಲಿ ಹೆಚ್ಚಿನ ಬೆಲೆಗೆ ಮಾರಾಟ ಮಾಡಲಾಗುತ್ತಿದ್ದು ಅಧಿಕಾರಿಗಳು ಕಣ್ಮುಚ್ಚಿ ಕುಳಿತಿದ್ದಾರೆ. ಕೂಡಲೇ ರೈತರಿಗೆ ಅಗತ್ಯ ಗೊಬ್ಬರ ಒದಗಿಸಬೇಕು ಇಲ್ಲದಿದ್ದರೆ ಜಿಲ್ಲೆಯಾದ್ಯಂತ ಹೋರಾಟ ನಡೆಸಲಾಗುವುದು ಎಂದು ಎಚ್ಚರಿಸಿದರು. ಸುದ್ದಿಗೋಷ್ಠಿಯಲ್ಲಿ ಪಕ್ಷದ ಮುಖಂಡರು ಹಾಜರಿದ್ದರು.
ಸಾರ್ವಜನಿಕ ಸಮಸ್ಯೆಗಳಿಗೆ ಸ್ಪಂದಿಸಿದ ಸಚಿವ
ಮೂಲಭೂತ ಸೌಕರ್ಯ ; ಪರಿಹರಿಸಲು
ಅಧಿಕಾರಿಗಳಿಗೆ ದೂರವಾಣಿ ಮೂಲಕ ಸೂಚನೆ
ಸುದ್ದಿಮೂಲ ವಾರ್ತೆ ರಾಯಚೂರು, ಜು.27: ರಾಯಚೂರು ಜಿಲ್ಲೆಯ ವಿವಿಧ ತಾಲೂಕು ಹಾಗೂ ಗ್ರಾಮೀಣ ಭಾಗದಿಂದ ಆಗಮಿಸಿದ ಜನರ ಕುಂದು ಕೊರತೆ ಆಲಿಸಿದ ಸಚಿವರು ಸ್ಥಳದಲ್ಲೇ ಸಂಬಂಧಿಸಿದ ಅಧಿಕಾರಿಗಳಿಗೆ ದೂರವಾಣಿ ಮೂಲಕ ಸೂಚನೆ ನೀಡಿದರು. ರಸ್ತೆ, ಕುಡಿಯುವ ನೀರು, ವಿದ್ಯುತ್ ಹಾಗೂ ಒಳಚರಂಡಿ ಸಮಸ್ಯೆಗಳ ಕುರಿತು ಸಾರ್ವಜನಿಕರು ಮನವಿ ಸಲ್ಲಿಸಿದರು. ಸಮಸ್ಯೆಗಳನ್ನು ತ್ವರಿತವಾಗಿ ಬಗೆಹರಿಸುವಂತೆ ಅಧಿಕಾರಿಗಳಿಗೆ ನಿರ್ದೇಶನ ನೀಡಿದರು. ಕಾಂಗ್ರೆಸ್ ಮುಖಂಡರು, ಜನಪ್ರತಿನಿಧಿಗಳು ಹಾಗೂ ಅಧಿಕಾರಿಗಳು ಉಪಸ್ಥಿತರಿದ್ದರು.
ರಾಯಚೂರು ಜಿಲ್ಲೆಯ ವಿವಿಧ ತಾಲೂಕು ಹಾಗೂ ಗ್ರಾಮೀಣ ಭಾಗದಿಂದ ಆಗಮಿಸಿದ ಜನರ ಕುಂದು ಕೊರತೆ ಆಲಿಸಿದ ಸಚಿವರು ಸ್ಥಳದಲ್ಲೇ ಸಂಬಂಧಿಸಿದ ಅಧಿಕಾರಿಗಳಿಗೆ ದೂರವಾಣಿ ಮೂಲಕ ಸೂಚನೆ ನೀಡಿದರು. ರಸ್ತೆ, ಕುಡಿಯುವ ನೀರು, ವಿದ್ಯುತ್ ಹಾಗೂ ಒಳಚರಂಡಿ ಸಮಸ್ಯೆಗಳ ಕುರಿತು ಸಾರ್ವಜನಿಕರು ಮನವಿ ಸಲ್ಲಿಸಿದರು. ಸಮಸ್ಯೆಗಳನ್ನು ತ್ವರಿತವಾಗಿ ಬಗೆಹರಿಸುವಂತೆ ಅಧಿಕಾರಿಗಳಿಗೆ ನಿರ್ದೇಶನ ನೀಡಿದರು. ಕಾಂಗ್ರೆಸ್ ಮುಖಂಡರು, ಜನಪ್ರತಿನಿಧಿಗಳು ಹಾಗೂ ಅಧಿಕಾರಿಗಳು ಉಪಸ್ಥಿತರಿದ್ದರು.
ಪೇಂಟರ್ ಯೂನಿಯನ್
ಚುನಾವಣೆ ಯಶಸ್ವಿ
ಸುದ್ದಿಮೂಲ ವಾರ್ತೆ ರಾಯಚೂರು, ಜು.27: ರಾಯಚೂರಿನ ಎಲ್‌ಬಿಎಸ್ ನಗರದ ಕಟ್ಟಡದ ಕಲ್ಯಾಣ ಮಂಟಪದಲ್ಲಿ ಪೇಂಟರ್ ಯೂನಿಯನ್ ಚುನಾವಣೆ ನಡೆಸಲಾಯಿತು. ಐದು ವರ್ಷಗಳ ಅವಧಿಗೆ ನೂತನ ಪದಾಧಿಕಾರಿಗಳನ್ನು ಆಯ್ಕೆ ಮಾಡಲಾಯಿತು. ಅಧ್ಯಕ್ಷರಾಗಿ, ಉಪಾಧ್ಯಕ್ಷರಾಗಿ, ಕಾರ್ಯದರ್ಶಿಯಾಗಿ ವಿವಿಧ ಸದಸ್ಯರು ಆಯ್ಕೆಯಾದರು. ಈ ಸಂದರ್ಭದಲ್ಲಿ ಜಿಲ್ಲಾಧ್ಯಕ್ಷ ಹಾಗೂ ಸಂಘದ ಹಿರಿಯ ಸದಸ್ಯರು, ಪೇಂಟರ್ ಕಾರ್ಮಿಕರು ಉಪಸ್ಥಿತರಿದ್ದರು.
ನಿವೃತ್ತ ಬಿಎಸ್‌ಎನ್‌ಎಲ್ ನೌಕರರಿಂದ ಪ್ರತಿಭಟನೆ,
ಪಿಂಚಣಿ ಪರಿಷ್ಕರಣೆ ಕಾಯಿದೆ ಕೈ ಬಿಡಲು ಒತ್ತಾಯ
ಸುದ್ದಿಮೂಲ ವಾರ್ತೆ ರಾಯಚೂರು, ಜು.27: ನಿವೃತ್ತ ಕೇಂದ್ರ ಸರ್ಕಾರಿ ನೌಕರರ ಪಿಂಚಣಿ ಪರಿಷ್ಕರಣೆ ಹಿಂಪಡೆಯಲು ಆಗ್ರಹಿಸಿ ಬಿಎಸ್‌ಎನ್‌ಎಲ್ ನಿವೃತ್ತ ನೌಕರರು ಪ್ರತಿಭಟನೆ ನಡೆಸಿದರು. ನಗರದ ಬಿಎಸ್‌ಎನ್‌ಎಲ್ ಕಚೇರಿ ಎದುರು ಪ್ರತಿಭಟನೆ ನಡೆಸಿ ಕೇಂದ್ರ ಸರ್ಕಾರದ ವಿರುದ್ಧ ಘೋಷಣೆ ಕೂಗಿದರು. ನಿವೃತ್ತ ನೌಕರರ ಹಿತಾಸಕ್ತಿಗೆ ಧಕ್ಕೆ ತರುವ ಕಾಯಿದೆ ಕೂಡಲೇ ಕೈಬಿಡಬೇಕು ಎಂದು ಒತ್ತಾಯಿಸಿದರು. ಕೇಂದ್ರ ಸರ್ಕಾರದ ಪಿಂಚಣಿ ನಿಯಮಗಳ ಬದಲಾವಣೆಯಿಂದ ಲಕ್ಷಾಂತರ ನಿವೃತ್ತರಿಗೆ ಅನ್ಯಾಯವಾಗಲಿದೆ. ಸಂಘಟನೆಯ ಪದಾಧಿಕಾರಿಗಳು ಜಿಲ್ಲಾಧಿಕಾರಿ ಮೂಲಕ ಪ್ರಧಾನಮಂತ್ರಿಗೆ ಮನವಿ ಸಲ್ಲಿಸಿದರು. ನಿವೃತ್ತ ನೌಕರರ ಸಂಘದ ಅಧ್ಯಕ್ಷರು ಸೇರಿದಂತೆ ಅನೇಕರು ಇದ್ದರು.

ನಿವೃತ್ತ ಕೇಂದ್ರ ಸರ್ಕಾರಿ ನೌಕರರ ಪಿಂಚಣಿ ಪರಿಷ್ಕರಣೆ ಹಿಂಪಡೆಯಲು ಆಗ್ರಹಿಸಿ ಬಿಎಸ್‌ಎನ್‌ಎಲ್ ನಿವೃತ್ತ ನೌಕರರು ಪ್ರತಿಭಟನೆ ನಡೆಸಿದರು. ನಗರದ ಬಿಎಸ್‌ಎನ್‌ಎಲ್ ಕಚೇರಿ ಎದುರು ಪ್ರತಿಭಟನೆ ನಡೆಸಿ ಕೇಂದ್ರ ಸರ್ಕಾರದ ವಿರುದ್ಧ ಘೋಷಣೆ ಕೂಗಿದರು. ನಿವೃತ್ತ ನೌಕರರ ಹಿತಾಸಕ್ತಿಗೆ ಧಕ್ಕೆ ತರುವ ಕಾಯಿದೆ ಕೂಡಲೇ ಕೈಬಿಡಬೇಕು ಎಂದು ಒತ್ತಾಯಿಸಿದರು. ಕೇಂದ್ರ ಸರ್ಕಾರದ ಪಿಂಚಣಿ ನಿಯಮಗಳ ಬದಲಾವಣೆಯಿಂದ ಲಕ್ಷಾಂತರ ನಿವೃತ್ತರಿಗೆ ಅನ್ಯಾಯವಾಗಲಿದೆ. ಸಂಘಟನೆಯ ಪದಾಧಿಕಾರಿಗಳು ಜಿಲ್ಲಾಧಿಕಾರಿ ಮೂಲಕ ಪ್ರಧಾನಮಂತ್ರಿಗೆ ಮನವಿ ಸಲ್ಲಿಸಿದರು. ನಿವೃತ್ತ ನೌಕರರ ಸಂಘದ ಅಧ್ಯಕ್ಷರು ಸೇರಿದಂತೆ ಅನೇಕರು ಇದ್ದರು.

ಬಲ್ದೋಟಾ-ಕುರಿಗಾಯಿಗಳ ಸಮಯ, ಅಡ್ಡಗೋಡೆಯ ಮೇಲೆ ದೀಪವಿಟ್ಟ ಶಾಸಕ
ಶಾಸಕರ ಸಭೆ ತೃಪ್ತಿಯಾಗಿಲ್ಲ - ಅಲ್ಲಮಪ್ರಭು
ಸುದ್ದಿಮೂಲ ವಾರ್ತೆ ಕೊಪ್ಪಳ, ಜು.27: ಕುರಿ ಹಾಗೂ ಗಾಯಿಗಳಿಗೆ ಕಳೆ ನೀರು ಕುಡಿಯುವ ವಿಷಯ ಬಲ್ದೋಟಾ ಕಂಪನಿಯಿಂದಾಗಿ ನಿರ್ಮಾಣವಾಗಿರುವ ಸಮಸ್ಯೆ ಕುರಿತು ಶಾಸಕರು ನಡೆಸಿದ ಸಭೆ ತೃಪ್ತಿಕರವಾಗಿಲ್ಲ ಎಂದು ಹೋರಾಟಗಾರ ಅಲ್ಲಮಪ್ರಭು ಬೆಟ್ಟದೂರು ಹೇಳಿದರು. ಬಲ್ದೋಟಾ ಕಂಪನಿಯ ವಿಸ್ತರಣೆಯಿಂದ ಸುತ್ತಮುತ್ತಲಿನ ಗ್ರಾಮಗಳ ಜನರಿಗೆ ತೊಂದರೆಯಾಗುತ್ತಿದ್ದು, ಶಾಸಕರು ಕೇವಲ ಅಡ್ಡಗೋಡೆಯ ಮೇಲೆ ದೀಪ ಇಟ್ಟಂತೆ ಮಾತನಾಡಿದ್ದಾರೆ. ಕುರಿಗಾಯಿಗಳ ಸಮಸ್ಯೆಗೆ ಶಾಶ್ವತ ಪರಿಹಾರ ಕಂಡುಕೊಳ್ಳಬೇಕು ಎಂದು ಒತ್ತಾಯಿಸಿದರು.

ಉಪವಿಭಾಗಕ್ಕೆ ಬದಲಿಸಿದ್ದು ಈ ಕುರಿತು ಶಾಸಕರು ಸ್ಪಷ್ಟ ನಿರ್ಧಾರಕ್ಕೆ ಬರಬೇಕು. ಜಿಲ್ಲಾಡಳಿತ ಕೂಡಲೇ ಸಭೆ ಕರೆದು ಕುರಿಗಾಯಿಗಳಿಗೆ ಮೇವು ಹಾಗೂ ನೀರಿನ ವ್ಯವಸ್ಥೆ ಮಾಡಬೇಕು. ಕಾರ್ಖಾನೆಗಳಿಂದ ಹೊರಬರುವ ಕಲುಷಿತ ನೀರಿನಿಂದ ಜಾನುವಾರುಗಳು ಸಾವನ್ನಪ್ಪುತ್ತಿವೆ. ಈ ಕುರಿತು ತಜ್ಞರ ಸಮಿತಿ ರಚಿಸಿ ವರದಿ ಪಡೆಯಬೇಕು. ಕಂಪನಿಗಳು ಪರಿಸರ ನಿಯಮಗಳನ್ನು ಪಾಲಿಸುತ್ತಿಲ್ಲ ಎಂದು ಆರೋಪಿಸಿದರು. ಸಭೆಯಲ್ಲಿ ಹೋರಾಟ ಸಮಿತಿಯ ಮುಖಂಡರು, ರೈತರು ಹಾಗೂ ಕುರಿಗಾಯಿಗಳು ಪಾಲ್ಗೊಂಡಿದ್ದರು.

ಕುರಿ ಹಾಗೂ ಗಾಯಿಗಳಿಗೆ ಕಳೆ ನೀರು ಕುಡಿಯುವ ವಿಷಯ ಬಲ್ದೋಟಾ ಕಂಪನಿಯಿಂದಾಗಿ ನಿರ್ಮಾಣವಾಗಿರುವ ಸಮಸ್ಯೆ ಕುರಿತು ಶಾಸಕರು ನಡೆಸಿದ ಸಭೆ ತೃಪ್ತಿಕರವಾಗಿಲ್ಲ ಎಂದು ಹೋರಾಟಗಾರ ಅಲ್ಲಮಪ್ರಭು ಬೆಟ್ಟದೂರು ಹೇಳಿದರು. ಬಲ್ದೋಟಾ ಕಂಪನಿಯ ವಿಸ್ತರಣೆಯಿಂದ ಸುತ್ತಮುತ್ತಲಿನ ಗ್ರಾಮಗಳ ಜನರಿಗೆ ತೊಂದರೆಯಾಗುತ್ತಿದ್ದು, ಶಾಸಕರು ಕೇವಲ ಅಡ್ಡಗೋಡೆಯ ಮೇಲೆ ದೀಪ ಇಟ್ಟಂತೆ ಮಾತನಾಡಿದ್ದಾರೆ. ಕುರಿಗಾಯಿಗಳ ಸಮಸ್ಯೆಗೆ ಶಾಶ್ವತ ಪರಿಹಾರ ಕಂಡುಕೊಳ್ಳಬೇಕು ಎಂದು ಒತ್ತಾಯಿಸಿದರು.

ಕುರಿ ಹಾಗೂ ಗಾಯಿಗಳಿಗೆ ಕಳೆ ನೀರು ಕುಡಿಯುವ ವಿಷಯ ಬಲ್ದೋಟಾ ಕಂಪನಿಯಿಂದಾಗಿ ನಿರ್ಮಾಣವಾಗಿರುವ ಸಮಸ್ಯೆ ಕುರಿತು ಶಾಸಕರು ನಡೆಸಿದ ಸಭೆ ತೃಪ್ತಿಕರವಾಗಿಲ್ಲ ಎಂದು ಹೋರಾಟಗಾರ ಅಲ್ಲಮಪ್ರಭು ಬೆಟ್ಟದೂರು ಹೇಳಿದರು. ಬಲ್ದೋಟಾ ಕಂಪನಿಯ ವಿಸ್ತರಣೆಯಿಂದ ಸುತ್ತಮುತ್ತಲಿನ ಗ್ರಾಮಗಳ ಜನರಿಗೆ ತೊಂದರೆಯಾಗುತ್ತಿದ್ದು, ಶಾಸಕರು ಕೇವಲ ಅಡ್ಡಗೋಡೆಯ ಮೇಲೆ ದೀಪ ಇಟ್ಟಂತೆ ಮಾತನಾಡಿದ್ದಾರೆ. ಕುರಿಗಾಯಿಗಳ ಸಮಸ್ಯೆಗೆ ಶಾಶ್ವತ ಪರಿಹಾರ ಕಂಡುಕೊಳ್ಳಬೇಕು ಎಂದು ಒತ್ತಾಯಿಸಿದರು.
ಉಪವಿಭಾಗಕ್ಕೆ ಬದಲಿಸಿದ್ದು ಈ ಕುರಿತು ಶಾಸಕರು ಸ್ಪಷ್ಟ ನಿರ್ಧಾರಕ್ಕೆ ಬರಬೇಕು. ಜಿಲ್ಲಾಡಳಿತ ಕೂಡಲೇ ಸಭೆ ಕರೆದು ಕುರಿಗಾಯಿಗಳಿಗೆ ಮೇವು ಹಾಗೂ ನೀರಿನ ವ್ಯವಸ್ಥೆ ಮಾಡಬೇಕು. ಕಾರ್ಖಾನೆಗಳಿಂದ ಹೊರಬರುವ ಕಲುಷಿತ ನೀರಿನಿಂದ ಜಾನುವಾರುಗಳು ಸಾವನ್ನಪ್ಪುತ್ತಿವೆ. ಈ ಕುರಿತು ತಜ್ಞರ ಸಮಿತಿ ರಚಿಸಿ ವರದಿ ಪಡೆಯಬೇಕು. ಕಂಪನಿಗಳು ಪರಿಸರ ನಿಯಮಗಳನ್ನು ಪಾಲಿಸುತ್ತಿಲ್ಲ ಎಂದು ಆರೋಪಿಸಿದರು. ಸಭೆಯಲ್ಲಿ ಹೋರಾಟ ಸಮಿತಿಯ ಮುಖಂಡರು, ರೈತರು ಹಾಗೂ ಕುರಿಗಾಯಿಗಳು ಪಾಲ್ಗೊಂಡಿದ್ದರು.

ಉಪವಿಭಾಗಕ್ಕೆ ಬದಲಿಸಿದ್ದು ಈ ಕುರಿತು ಶಾಸಕರು ಸ್ಪಷ್ಟ ನಿರ್ಧಾರಕ್ಕೆ ಬರಬೇಕು. ಜಿಲ್ಲಾಡಳಿತ ಕೂಡಲೇ ಸಭೆ ಕರೆದು ಕುರಿಗಾಯಿಗಳಿಗೆ ಮೇವು ಹಾಗೂ ನೀರಿನ ವ್ಯವಸ್ಥೆ ಮಾಡಬೇಕು. ಕಾರ್ಖಾನೆಗಳಿಂದ ಹೊರಬರುವ ಕಲುಷಿತ ನೀರಿನಿಂದ ಜಾನುವಾರುಗಳು ಸಾವನ್ನಪ್ಪುತ್ತಿವೆ. ಈ ಕುರಿತು ತಜ್ಞರ ಸಮಿತಿ ರಚಿಸಿ ವರದಿ ಪಡೆಯಬೇಕು. ಕಂಪನಿಗಳು ಪರಿಸರ ನಿಯಮಗಳನ್ನು ಪಾಲಿಸುತ್ತಿಲ್ಲ ಎಂದು ಆರೋಪಿಸಿದರು. ಸಭೆಯಲ್ಲಿ ಹೋರಾಟ ಸಮಿತಿಯ ಮುಖಂಡರು, ರೈತರು ಹಾಗೂ ಕುರಿಗಾಯಿಗಳು ಪಾಲ್ಗೊಂಡಿದ್ದರು.

ಕುರಿ ಹಾಗೂ ಗಾಯಿಗಳಿಗೆ ಕಳೆ ನೀರು ಕುಡಿಯುವ ವಿಷಯ ಬಲ್ದೋಟಾ ಕಂಪನಿಯಿಂದಾಗಿ ನಿರ್ಮಾಣವಾಗಿರುವ ಸಮಸ್ಯೆ ಕುರಿತು ಶಾಸಕರು ನಡೆಸಿದ ಸಭೆ ತೃಪ್ತಿಕರವಾಗಿಲ್ಲ ಎಂದು ಹೋರಾಟಗಾರ ಅಲ್ಲಮಪ್ರಭು ಬೆಟ್ಟದೂರು ಹೇಳಿದರು. ಬಲ್ದೋಟಾ ಕಂಪನಿಯ ವಿಸ್ತರಣೆಯಿಂದ ಸುತ್ತಮುತ್ತಲಿನ ಗ್ರಾಮಗಳ ಜನರಿಗೆ ತೊಂದರೆಯಾಗುತ್ತಿದ್ದು, ಶಾಸಕರು ಕೇವಲ ಅಡ್ಡಗೋಡೆಯ ಮೇಲೆ ದೀಪ ಇಟ್ಟಂತೆ ಮಾತನಾಡಿದ್ದಾರೆ. ಕುರಿಗಾಯಿಗಳ ಸಮಸ್ಯೆಗೆ ಶಾಶ್ವತ ಪರಿಹಾರ ಕಂಡುಕೊಳ್ಳಬೇಕು ಎಂದು ಒತ್ತಾಯಿಸಿದರು.

ಉಪವಿಭಾಗಕ್ಕೆ ಬದಲಿಸಿದ್ದು ಈ ಕುರಿತು ಶಾಸಕರು ಸ್ಪಷ್ಟ ನಿರ್ಧಾರಕ್ಕೆ ಬರಬೇಕು. ಜಿಲ್ಲಾಡಳಿತ ಕೂಡಲೇ ಸಭೆ ಕರೆದು ಕುರಿಗಾಯಿಗಳಿಗೆ ಮೇವು ಹಾಗೂ ನೀರಿನ ವ್ಯವಸ್ಥೆ ಮಾಡಬೇಕು. ಕಾರ್ಖಾನೆಗಳಿಂದ ಹೊರಬರುವ ಕಲುಷಿತ ನೀರಿನಿಂದ ಜಾನುವಾರುಗಳು ಸಾವನ್ನಪ್ಪುತ್ತಿವೆ. ಈ ಕುರಿತು ತಜ್ಞರ ಸಮಿತಿ ರಚಿಸಿ ವರದಿ ಪಡೆಯಬೇಕು. ಕಂಪನಿಗಳು ಪರಿಸರ ನಿಯಮಗಳನ್ನು ಪಾಲಿಸುತ್ತಿಲ್ಲ ಎಂದು ಆರೋಪಿಸಿದರು. ಸಭೆಯಲ್ಲಿ ಹೋರಾಟ ಸಮಿತಿಯ ಮುಖಂಡರು, ರೈತರು ಹಾಗೂ ಕುರಿಗಾಯಿಗಳು ಪಾಲ್ಗೊಂಡಿದ್ದರು.
